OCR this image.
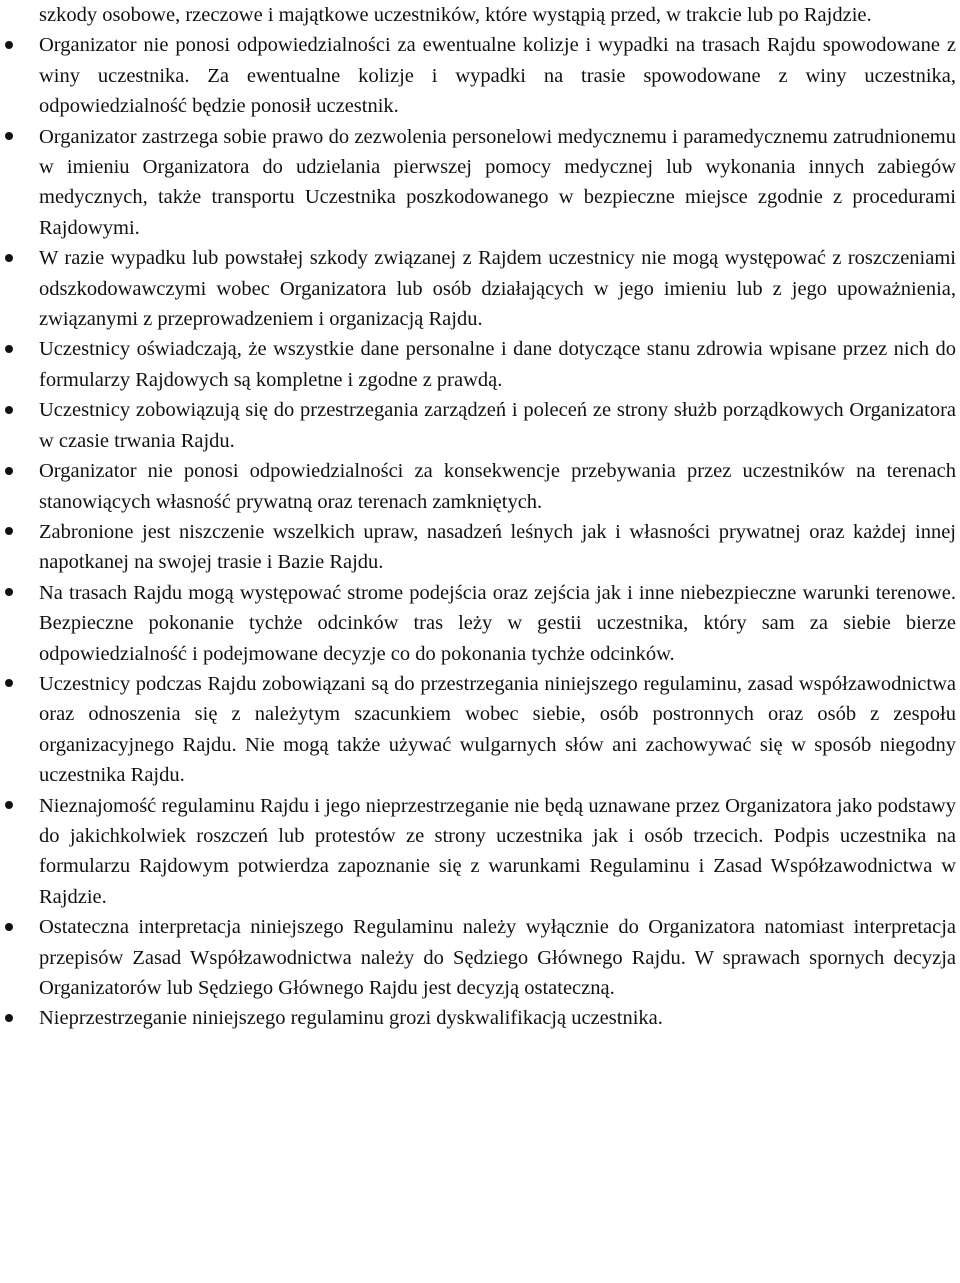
szkody osobowe, rzeczowe i majątkowe uczestników, które wystąpią przed, w trakcie lub po Rajdzie.

Organizator nie ponosi odpowiedzialności za ewentualne kolizje i wypadki na trasach Rajdu spowodowane z winy uczestnika. Za ewentualne kolizje i wypadki na trasie spowodowane z winy uczestnika, odpowiedzialność będzie ponosił uczestnik.
Organizator zastrzega sobie prawo do zezwolenia personelowi medycznemu i paramedycznemu zatrudnionemu w imieniu Organizatora do udzielania pierwszej pomocy medycznej lub wykonania innych zabiegów medycznych, także transportu Uczestnika poszkodowanego w bezpieczne miejsce zgodnie z procedurami Rajdowymi.
W razie wypadku lub powstałej szkody związanej z Rajdem uczestnicy nie mogą występować z roszczeniami odszkodowawczymi wobec Organizatora lub osób działających w jego imieniu lub z jego upoważnienia, związanymi z przeprowadzeniem i organizacją Rajdu.
Uczestnicy oświadczają, że wszystkie dane personalne i dane dotyczące stanu zdrowia wpisane przez nich do formularzy Rajdowych są kompletne i zgodne z prawdą.
Uczestnicy zobowiązują się do przestrzegania zarządzeń i poleceń ze strony służb porządkowych Organizatora w czasie trwania Rajdu.
Organizator nie ponosi odpowiedzialności za konsekwencje przebywania przez uczestników na terenach stanowiących własność prywatną oraz terenach zamkniętych.
Zabronione jest niszczenie wszelkich upraw, nasadzeń leśnych jak i własności prywatnej oraz każdej innej napotkanej na swojej trasie i Bazie Rajdu.
Na trasach Rajdu mogą występować strome podejścia oraz zejścia jak i inne niebezpieczne warunki terenowe. Bezpieczne pokonanie tychże odcinków tras leży w gestii uczestnika, który sam za siebie bierze odpowiedzialność i podejmowane decyzje co do pokonania tychże odcinków.
Uczestnicy podczas Rajdu zobowiązani są do przestrzegania niniejszego regulaminu, zasad współzawodnictwa oraz odnoszenia się z należytym szacunkiem wobec siebie, osób postronnych oraz osób z zespołu organizacyjnego Rajdu. Nie mogą także używać wulgarnych słów ani zachowywać się w sposób niegodny uczestnika Rajdu.
Nieznajomość regulaminu Rajdu i jego nieprzestrzeganie nie będą uznawane przez Organizatora jako podstawy do jakichkolwiek roszczeń lub protestów ze strony uczestnika jak i osób trzecich. Podpis uczestnika na formularzu Rajdowym potwierdza zapoznanie się z warunkami Regulaminu i Zasad Współzawodnictwa w Rajdzie.
Ostateczna interpretacja niniejszego Regulaminu należy wyłącznie do Organizatora natomiast interpretacja przepisów Zasad Współzawodnictwa należy do Sędziego Głównego Rajdu. W sprawach spornych decyzja Organizatorów lub Sędziego Głównego Rajdu jest decyzją ostateczną.
Nieprzestrzeganie niniejszego regulaminu grozi dyskwalifikacją uczestnika.
